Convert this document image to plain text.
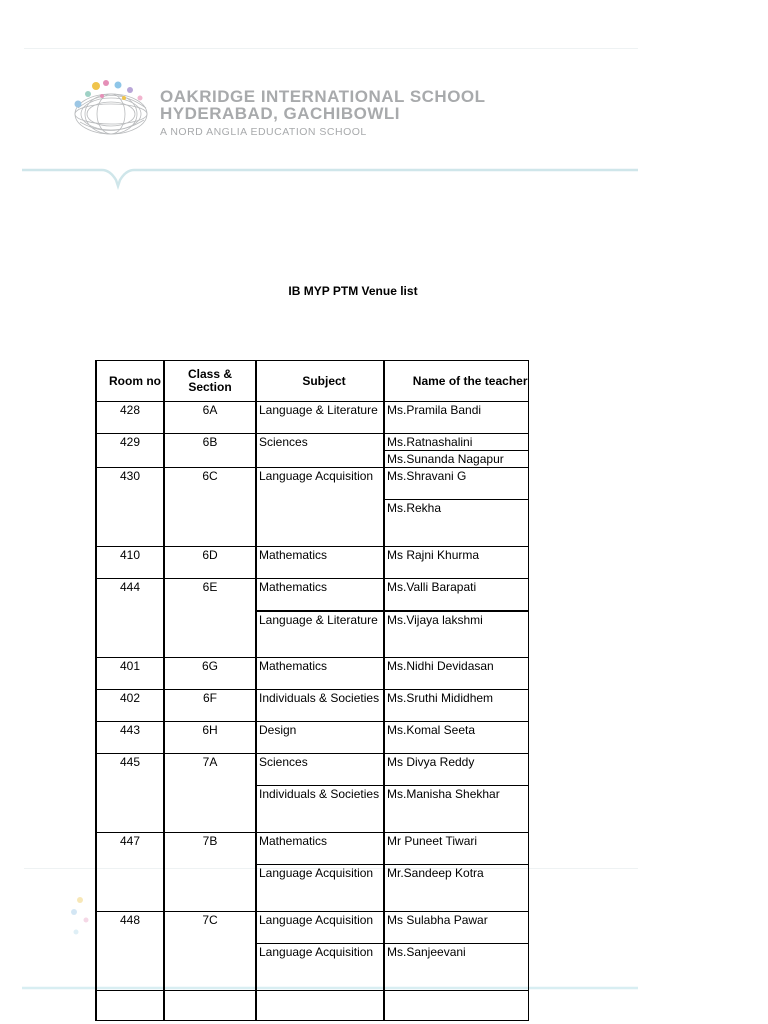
OAKRIDGE INTERNATIONAL SCHOOL
HYDERABAD, GACHIBOWLI
A NORD ANGLIA EDUCATION SCHOOL
IB MYP PTM Venue list
Room no	Class & Section	Subject	Name of the teacher
428	6A	Language & Literature	Ms.Pramila Bandi
429	6B	Sciences	Ms.Ratnashalini
			Ms.Sunanda Nagapur
430	6C	Language Acquisition	Ms.Shravani G
			Ms.Rekha
410	6D	Mathematics	Ms Rajni Khurma
444	6E	Mathematics	Ms.Valli Barapati
		Language & Literature	Ms.Vijaya lakshmi
401	6G	Mathematics	Ms.Nidhi Devidasan
402	6F	Individuals & Societies	Ms.Sruthi Mididhem
443	6H	Design	Ms.Komal Seeta
445	7A	Sciences	Ms Divya Reddy
		Individuals & Societies	Ms.Manisha Shekhar
447	7B	Mathematics	Mr Puneet Tiwari
		Language Acquisition	Mr.Sandeep Kotra
448	7C	Language Acquisition	Ms Sulabha Pawar
		Language Acquisition	Ms.Sanjeevani
